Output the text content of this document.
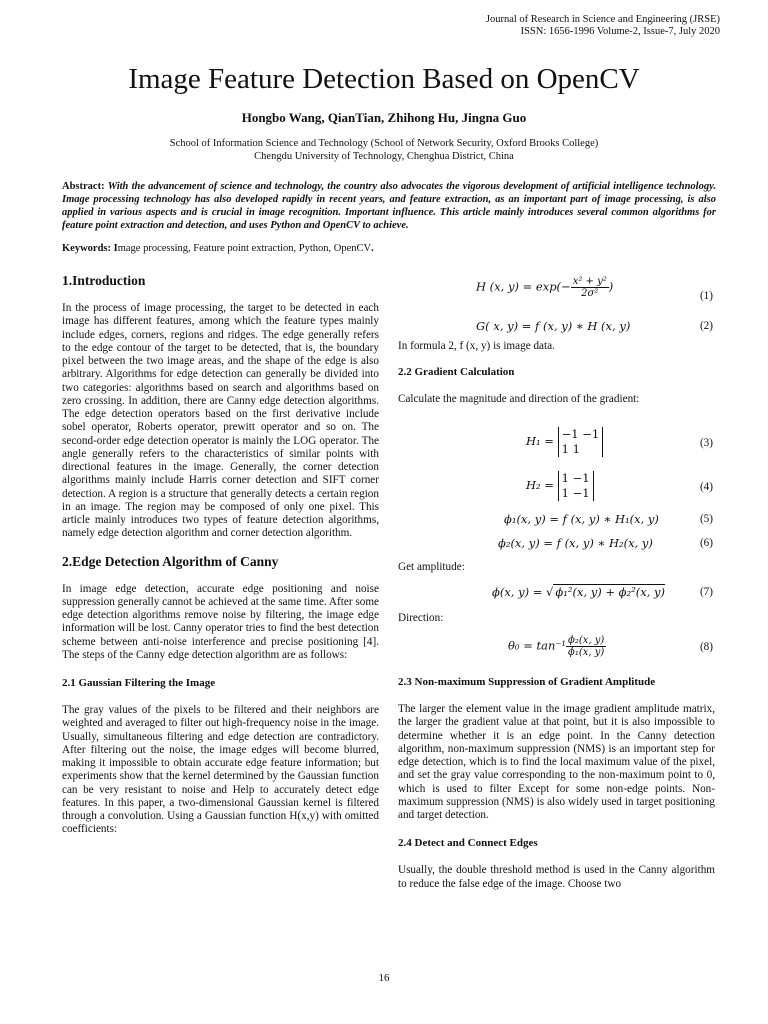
Journal of Research in Science and Engineering (JRSE)
ISSN: 1656-1996 Volume-2, Issue-7, July 2020
Image Feature Detection Based on OpenCV
Hongbo Wang, QianTian, Zhihong Hu, Jingna Guo
School of Information Science and Technology (School of Network Security, Oxford Brooks College)
Chengdu University of Technology, Chenghua District, China
Abstract: With the advancement of science and technology, the country also advocates the vigorous development of artificial intelligence technology. Image processing technology has also developed rapidly in recent years, and feature extraction, as an important part of image processing, is also applied in various aspects and is crucial in image recognition. Important influence. This article mainly introduces several common algorithms for feature point extraction and detection, and uses Python and OpenCV to achieve.
Keywords: Image processing, Feature point extraction, Python, OpenCV.
1.Introduction

In the process of image processing, the target to be detected in each image has different features, among which the feature types mainly include edges, corners, regions and ridges. The edge generally refers to the edge contour of the target to be detected, that is, the boundary pixel between the two image areas, and the shape of the edge is also arbitrary. Algorithms for edge detection can generally be divided into two categories: algorithms based on search and algorithms based on zero crossing. In addition, there are Canny edge detection algorithms. The edge detection operators based on the first derivative include sobel operator, Roberts operator, prewitt operator and so on. The second-order edge detection operator is mainly the LOG operator. The angle generally refers to the characteristics of similar points with directional features in the image. Generally, the corner detection algorithms mainly include Harris corner detection and SIFT corner detection. A region is a structure that generally detects a certain region in an image. The region may be composed of only one pixel. This article mainly introduces two types of feature detection algorithms, namely edge detection algorithm and corner detection algorithm.

2.Edge Detection Algorithm of Canny

In image edge detection, accurate edge positioning and noise suppression generally cannot be achieved at the same time. After some edge detection algorithms remove noise by filtering, the image edge information will be lost. Canny operator tries to find the best detection scheme between anti-noise interference and precise positioning [4]. The steps of the Canny edge detection algorithm are as follows:

2.1 Gaussian Filtering the Image

The gray values of the pixels to be filtered and their neighbors are weighted and averaged to filter out high-frequency noise in the image. Usually, simultaneous filtering and edge detection are contradictory. After filtering out the noise, the image edges will become blurred, making it impossible to obtain accurate edge feature information; but experiments show that the kernel determined by the Gaussian function can be very resistant to noise and Help to accurately detect edge features. In this paper, a two-dimensional Gaussian kernel is filtered through a convolution. Using a Gaussian function H(x,y) with omitted coefficients:

H (x, $y) = \exp(- \frac{\text{x² + y²}}{\text{2σ²}}$ )
(1)
G( x, y) = f (x, y) ∗ H (x, y)	(2)

In formula 2, f (x, y) is image data.

2.2 Gradient Calculation

Calculate the magnitude and direction of the gradient:

H₁ = −1 −1
1 1	(3)
H₂ = 1 −1
1 −1	(4)
ϕ₁(x, y) = f (x, y) ∗ H₁(x, y)	(5)
ϕ₂(x, y) = f (x, y) ∗ H₂(x, y)	(6)

Get amplitude:

ϕ(x, y) = √ ϕ₁²(x, y) + ϕ₂²(x, y)	(7)

Direction:

$\theta_0 = \tan^{-1} \frac{\text{ϕ₂(x, y)}}{\text{ϕ₁(x, y)}}$	(8)
2.3 Non-maximum Suppression of Gradient Amplitude

The larger the element value in the image gradient amplitude matrix, the larger the gradient value at that point, but it is also impossible to determine whether it is an edge point. In the Canny detection algorithm, non-maximum suppression (NMS) is an important step for edge detection, which is to find the local maximum value of the pixel, and set the gray value corresponding to the non-maximum point to 0, which is used to filter Except for some non-edge points. Non-maximum suppression (NMS) is also widely used in target positioning and target detection.

2.4 Detect and Connect Edges

Usually, the double threshold method is used in the Canny algorithm to reduce the false edge of the image. Choose two

16
